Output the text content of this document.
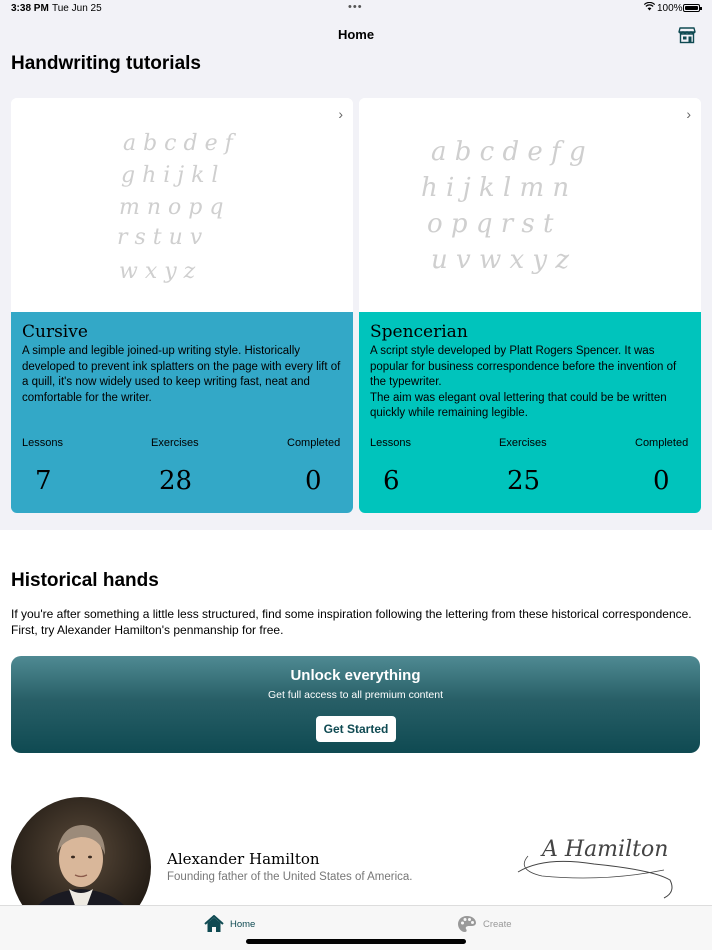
3:38 PM Tue Jun 25	•••	100%
Home
Handwriting tutorials
a b c d e f
g h i j k l
m n o p q
r s t u v
w x y z
›
Cursive
A simple and legible joined-up writing style. Historically developed to prevent ink splatters on the page with every lift of a quill, it's now widely used to keep writing fast, neat and comfortable for the writer.
Lessons	Exercises	Completed
7	28	0
a b c d e f g
h i j k l m n
o p q r s t
u v w x y z
›
Spencerian
A script style developed by Platt Rogers Spencer. It was popular for business correspondence before the invention of the typewriter.
The aim was elegant oval lettering that could be be written quickly while remaining legible.
Lessons	Exercises	Completed
6	25	0
Historical hands
If you're after something a little less structured, find some inspiration following the lettering from these historical correspondence. First, try Alexander Hamilton's penmanship for free.
Unlock everything
Get full access to all premium content
Get Started
Alexander Hamilton
Founding father of the United States of America.
A Hamilton
Home	Create
